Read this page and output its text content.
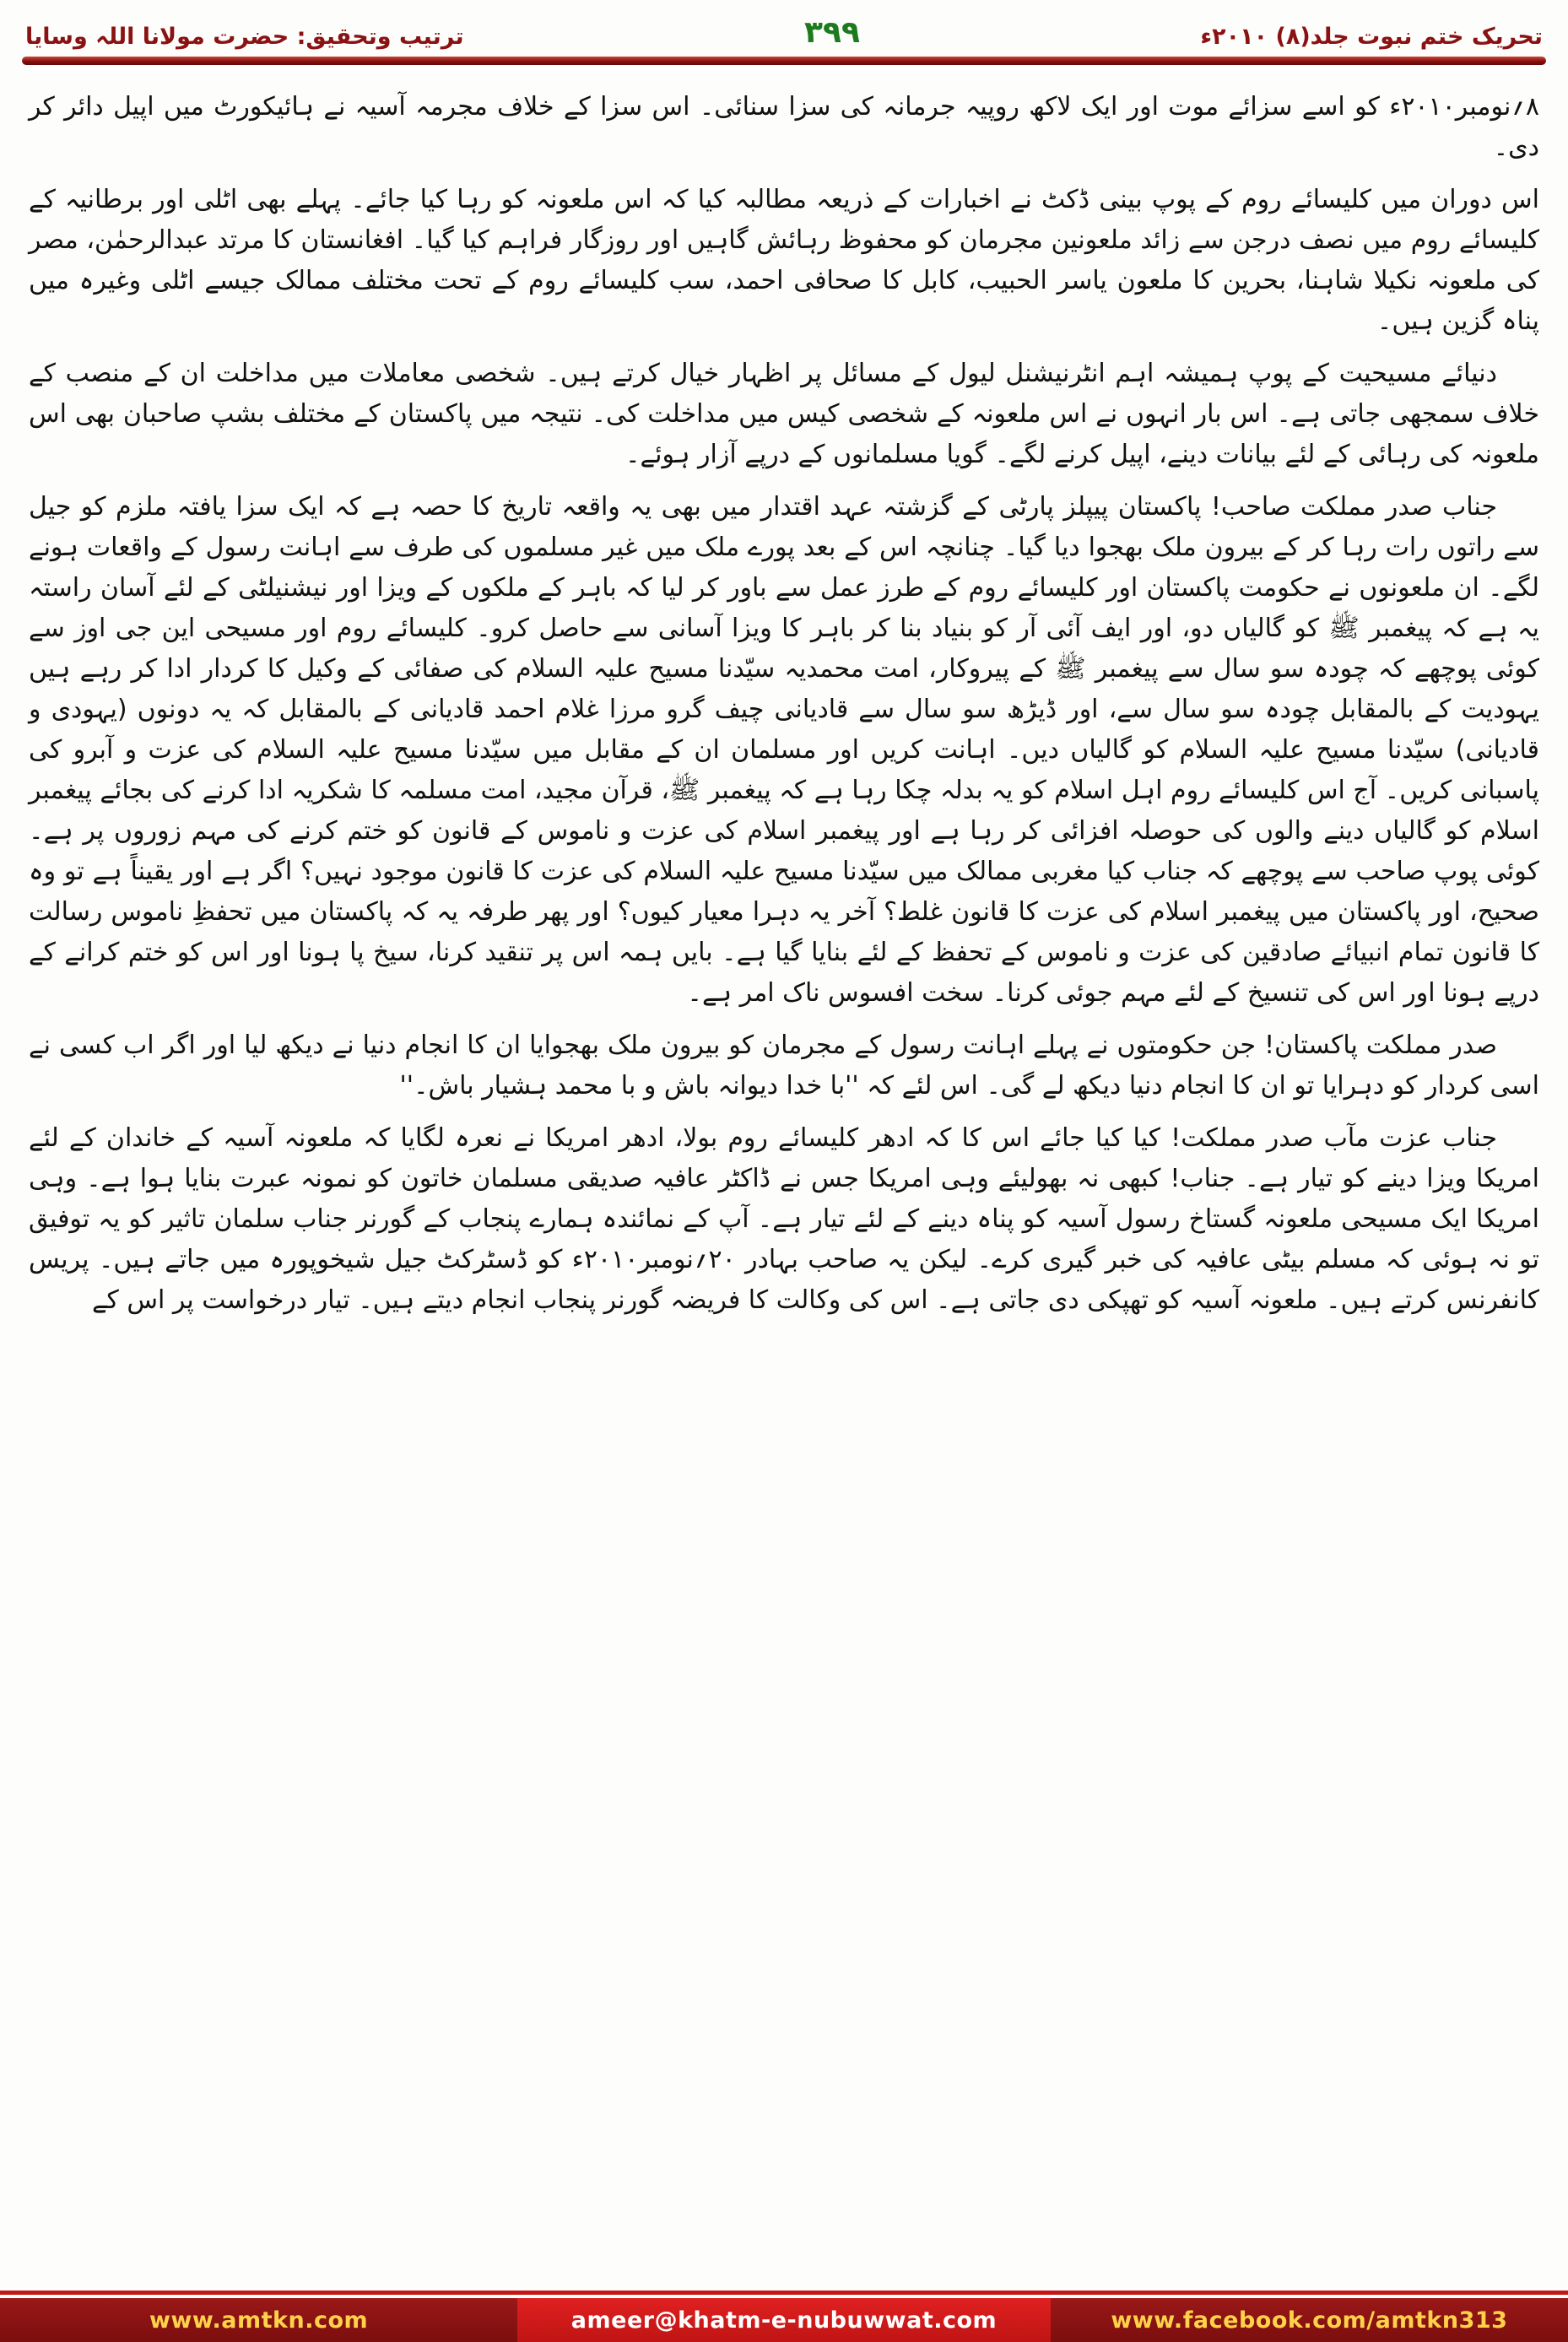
تحریک ختم نبوت جلد(۸) ۲۰۱۰ء
۳۹۹
ترتیب وتحقیق: حضرت مولانا اللہ وسایا

۸؍نومبر۲۰۱۰ء کو اسے سزائے موت اور ایک لاکھ روپیہ جرمانہ کی سزا سنائی۔ اس سزا کے خلاف مجرمہ آسیہ نے ہائیکورٹ میں اپیل دائر کر دی۔

اس دوران میں کلیسائے روم کے پوپ بینی ڈکٹ نے اخبارات کے ذریعہ مطالبہ کیا کہ اس ملعونہ کو رہا کیا جائے۔ پہلے بھی اٹلی اور برطانیہ کے کلیسائے روم میں نصف درجن سے زائد ملعونین مجرمان کو محفوظ رہائش گاہیں اور روزگار فراہم کیا گیا۔ افغانستان کا مرتد عبدالرحمٰن، مصر کی ملعونہ نکیلا شاہنا، بحرین کا ملعون یاسر الحبیب، کابل کا صحافی احمد، سب کلیسائے روم کے تحت مختلف ممالک جیسے اٹلی وغیرہ میں پناہ گزین ہیں۔

دنیائے مسیحیت کے پوپ ہمیشہ اہم انٹرنیشنل لیول کے مسائل پر اظہار خیال کرتے ہیں۔ شخصی معاملات میں مداخلت ان کے منصب کے خلاف سمجھی جاتی ہے۔ اس بار انہوں نے اس ملعونہ کے شخصی کیس میں مداخلت کی۔ نتیجہ میں پاکستان کے مختلف بشپ صاحبان بھی اس ملعونہ کی رہائی کے لئے بیانات دینے، اپیل کرنے لگے۔ گویا مسلمانوں کے درپے آزار ہوئے۔

جناب صدر مملکت صاحب! پاکستان پیپلز پارٹی کے گزشتہ عہد اقتدار میں بھی یہ واقعہ تاریخ کا حصہ ہے کہ ایک سزا یافتہ ملزم کو جیل سے راتوں رات رہا کر کے بیرون ملک بھجوا دیا گیا۔ چنانچہ اس کے بعد پورے ملک میں غیر مسلموں کی طرف سے اہانت رسول کے واقعات ہونے لگے۔ ان ملعونوں نے حکومت پاکستان اور کلیسائے روم کے طرز عمل سے باور کر لیا کہ باہر کے ملکوں کے ویزا اور نیشنیلٹی کے لئے آسان راستہ یہ ہے کہ پیغمبر ﷺ کو گالیاں دو، اور ایف آئی آر کو بنیاد بنا کر باہر کا ویزا آسانی سے حاصل کرو۔ کلیسائے روم اور مسیحی این جی اوز سے کوئی پوچھے کہ چودہ سو سال سے پیغمبر ﷺ کے پیروکار، امت محمدیہ سیّدنا مسیح علیہ السلام کی صفائی کے وکیل کا کردار ادا کر رہے ہیں یہودیت کے بالمقابل چودہ سو سال سے، اور ڈیڑھ سو سال سے قادیانی چیف گرو مرزا غلام احمد قادیانی کے بالمقابل کہ یہ دونوں (یہودی و قادیانی) سیّدنا مسیح علیہ السلام کو گالیاں دیں۔ اہانت کریں اور مسلمان ان کے مقابل میں سیّدنا مسیح علیہ السلام کی عزت و آبرو کی پاسبانی کریں۔ آج اس کلیسائے روم اہل اسلام کو یہ بدلہ چکا رہا ہے کہ پیغمبر ﷺ، قرآن مجید، امت مسلمہ کا شکریہ ادا کرنے کی بجائے پیغمبر اسلام کو گالیاں دینے والوں کی حوصلہ افزائی کر رہا ہے اور پیغمبر اسلام کی عزت و ناموس کے قانون کو ختم کرنے کی مہم زوروں پر ہے۔ کوئی پوپ صاحب سے پوچھے کہ جناب کیا مغربی ممالک میں سیّدنا مسیح علیہ السلام کی عزت کا قانون موجود نہیں؟ اگر ہے اور یقیناً ہے تو وہ صحیح، اور پاکستان میں پیغمبر اسلام کی عزت کا قانون غلط؟ آخر یہ دہرا معیار کیوں؟ اور پھر طرفہ یہ کہ پاکستان میں تحفظِ ناموس رسالت کا قانون تمام انبیائے صادقین کی عزت و ناموس کے تحفظ کے لئے بنایا گیا ہے۔ بایں ہمہ اس پر تنقید کرنا، سیخ پا ہونا اور اس کو ختم کرانے کے درپے ہونا اور اس کی تنسیخ کے لئے مہم جوئی کرنا۔ سخت افسوس ناک امر ہے۔

صدر مملکت پاکستان! جن حکومتوں نے پہلے اہانت رسول کے مجرمان کو بیرون ملک بھجوایا ان کا انجام دنیا نے دیکھ لیا اور اگر اب کسی نے اسی کردار کو دہرایا تو ان کا انجام دنیا دیکھ لے گی۔ اس لئے کہ ''با خدا دیوانہ باش و با محمد ہشیار باش۔''

جناب عزت مآب صدر مملکت! کیا کیا جائے اس کا کہ ادھر کلیسائے روم بولا، ادھر امریکا نے نعرہ لگایا کہ ملعونہ آسیہ کے خاندان کے لئے امریکا ویزا دینے کو تیار ہے۔ جناب! کبھی نہ بھولیئے وہی امریکا جس نے ڈاکٹر عافیہ صدیقی مسلمان خاتون کو نمونہ عبرت بنایا ہوا ہے۔ وہی امریکا ایک مسیحی ملعونہ گستاخ رسول آسیہ کو پناہ دینے کے لئے تیار ہے۔ آپ کے نمائندہ ہمارے پنجاب کے گورنر جناب سلمان تاثیر کو یہ توفیق تو نہ ہوئی کہ مسلم بیٹی عافیہ کی خبر گیری کرے۔ لیکن یہ صاحب بہادر ۲۰؍نومبر۲۰۱۰ء کو ڈسٹرکٹ جیل شیخوپورہ میں جاتے ہیں۔ پریس کانفرنس کرتے ہیں۔ ملعونہ آسیہ کو تھپکی دی جاتی ہے۔ اس کی وکالت کا فریضہ گورنر پنجاب انجام دیتے ہیں۔ تیار درخواست پر اس کے

www.amtkn.com	ameer@khatm-e-nubuwwat.com	www.facebook.com/amtkn313
